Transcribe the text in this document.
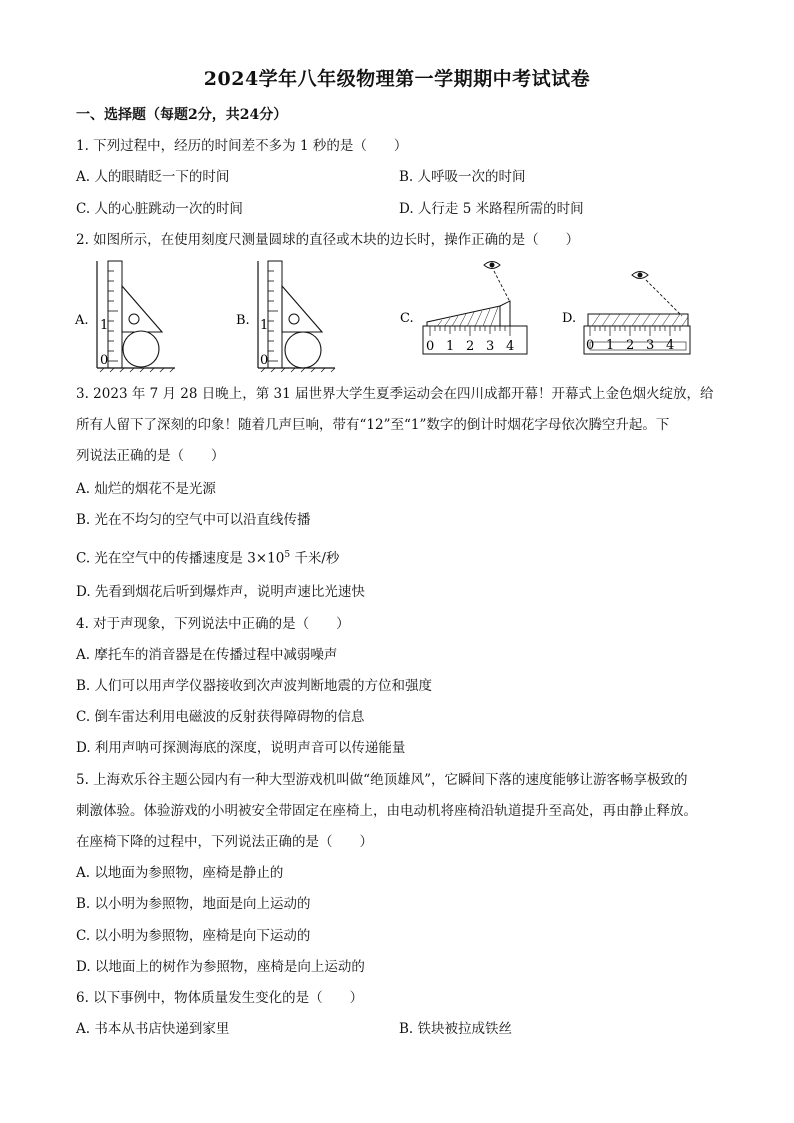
2024学年八年级物理第一学期期中考试试卷
一、选择题（每题2分，共24分）
1. 下列过程中，经历的时间差不多为 1 秒的是（　　）
A. 人的眼睛眨一下的时间	B. 人呼吸一次的时间
C. 人的心脏跳动一次的时间	D. 人行走 5 米路程所需的时间
2. 如图所示，在使用刻度尺测量圆球的直径或木块的边长时，操作正确的是（　　）
A. 1
0
B. 1
0
C.
0 1 2 3 4
D.
0 1 2 3 4
3. 2023 年 7 月 28 日晚上，第 31 届世界大学生夏季运动会在四川成都开幕！开幕式上金色烟火绽放，给
所有人留下了深刻的印象！随着几声巨响，带有“12”至“1”数字的倒计时烟花字母依次腾空升起。下
列说法正确的是（　　）
A. 灿烂的烟花不是光源
B. 光在不均匀的空气中可以沿直线传播
C. 光在空气中的传播速度是 $3\times 10^5$ 千米/秒
D. 先看到烟花后听到爆炸声，说明声速比光速快
4. 对于声现象，下列说法中正确的是（　　）
A. 摩托车的消音器是在传播过程中减弱噪声
B. 人们可以用声学仪器接收到次声波判断地震的方位和强度
C. 倒车雷达利用电磁波的反射获得障碍物的信息
D. 利用声呐可探测海底的深度，说明声音可以传递能量
5. 上海欢乐谷主题公园内有一种大型游戏机叫做“绝顶雄风”，它瞬间下落的速度能够让游客畅享极致的
刺激体验。体验游戏的小明被安全带固定在座椅上，由电动机将座椅沿轨道提升至高处，再由静止释放。
在座椅下降的过程中，下列说法正确的是（　　）
A. 以地面为参照物，座椅是静止的
B. 以小明为参照物，地面是向上运动的
C. 以小明为参照物，座椅是向下运动的
D. 以地面上的树作为参照物，座椅是向上运动的
6. 以下事例中，物体质量发生变化的是（　　）
A. 书本从书店快递到家里	B. 铁块被拉成铁丝
